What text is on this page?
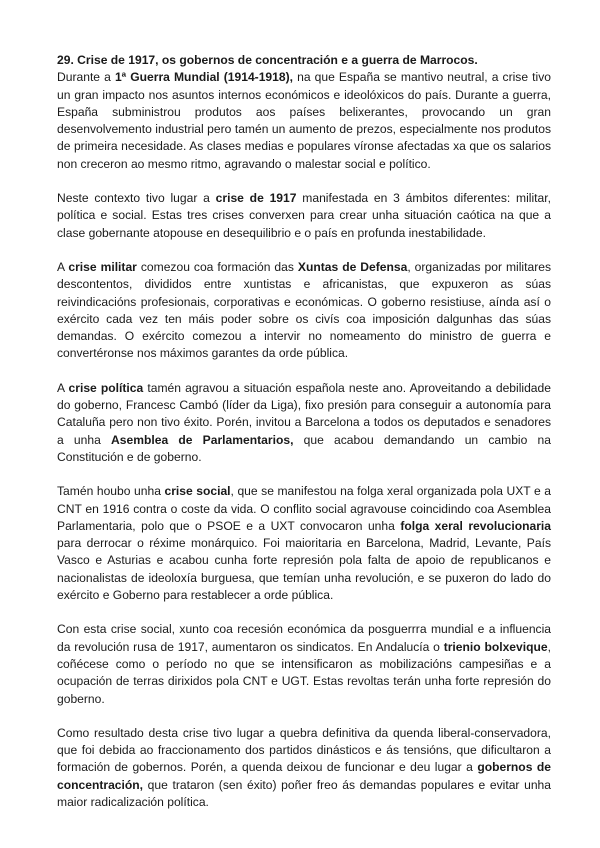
29. Crise de 1917, os gobernos de concentración e a guerra de Marrocos.

Durante a 1ª Guerra Mundial (1914-1918), na que España se mantivo neutral, a crise tivo un gran impacto nos asuntos internos económicos e ideolóxicos do país. Durante a guerra, España subministrou produtos aos países belixerantes, provocando un gran desenvolvemento industrial pero tamén un aumento de prezos, especialmente nos produtos de primeira necesidade. As clases medias e populares víronse afectadas xa que os salarios non creceron ao mesmo ritmo, agravando o malestar social e político.

Neste contexto tivo lugar a crise de 1917 manifestada en 3 ámbitos diferentes: militar, política e social. Estas tres crises converxen para crear unha situación caótica na que a clase gobernante atopouse en desequilibrio e o país en profunda inestabilidade.

A crise militar comezou coa formación das Xuntas de Defensa, organizadas por militares descontentos, divididos entre xuntistas e africanistas, que expuxeron as súas reivindicacións profesionais, corporativas e económicas. O goberno resistiuse, aínda así o exército cada vez ten máis poder sobre os civís coa imposición dalgunhas das súas demandas. O exército comezou a intervir no nomeamento do ministro de guerra e convertéronse nos máximos garantes da orde pública.

A crise política tamén agravou a situación española neste ano. Aproveitando a debilidade do goberno, Francesc Cambó (líder da Liga), fixo presión para conseguir a autonomía para Cataluña pero non tivo éxito. Porén, invitou a Barcelona a todos os deputados e senadores a unha Asemblea de Parlamentarios, que acabou demandando un cambio na Constitución e de goberno.

Tamén houbo unha crise social, que se manifestou na folga xeral organizada pola UXT e a CNT en 1916 contra o coste da vida. O conflito social agravouse coincidindo coa Asemblea Parlamentaria, polo que o PSOE e a UXT convocaron unha folga xeral revolucionaria para derrocar o réxime monárquico. Foi maioritaria en Barcelona, Madrid, Levante, País Vasco e Asturias e acabou cunha forte represión pola falta de apoio de republicanos e nacionalistas de ideoloxía burguesa, que temían unha revolución, e se puxeron do lado do exército e Goberno para restablecer a orde pública.

Con esta crise social, xunto coa recesión económica da posguerrra mundial e a influencia da revolución rusa de 1917, aumentaron os sindicatos. En Andalucía o trienio bolxevique, coñécese como o período no que se intensificaron as mobilizacións campesiñas e a ocupación de terras dirixidos pola CNT e UGT. Estas revoltas terán unha forte represión do goberno.

Como resultado desta crise tivo lugar a quebra definitiva da quenda liberal-conservadora, que foi debida ao fraccionamento dos partidos dinásticos e ás tensións, que dificultaron a formación de gobernos. Porén, a quenda deixou de funcionar e deu lugar a gobernos de concentración, que trataron (sen éxito) poñer freo ás demandas populares e evitar unha maior radicalización política.
